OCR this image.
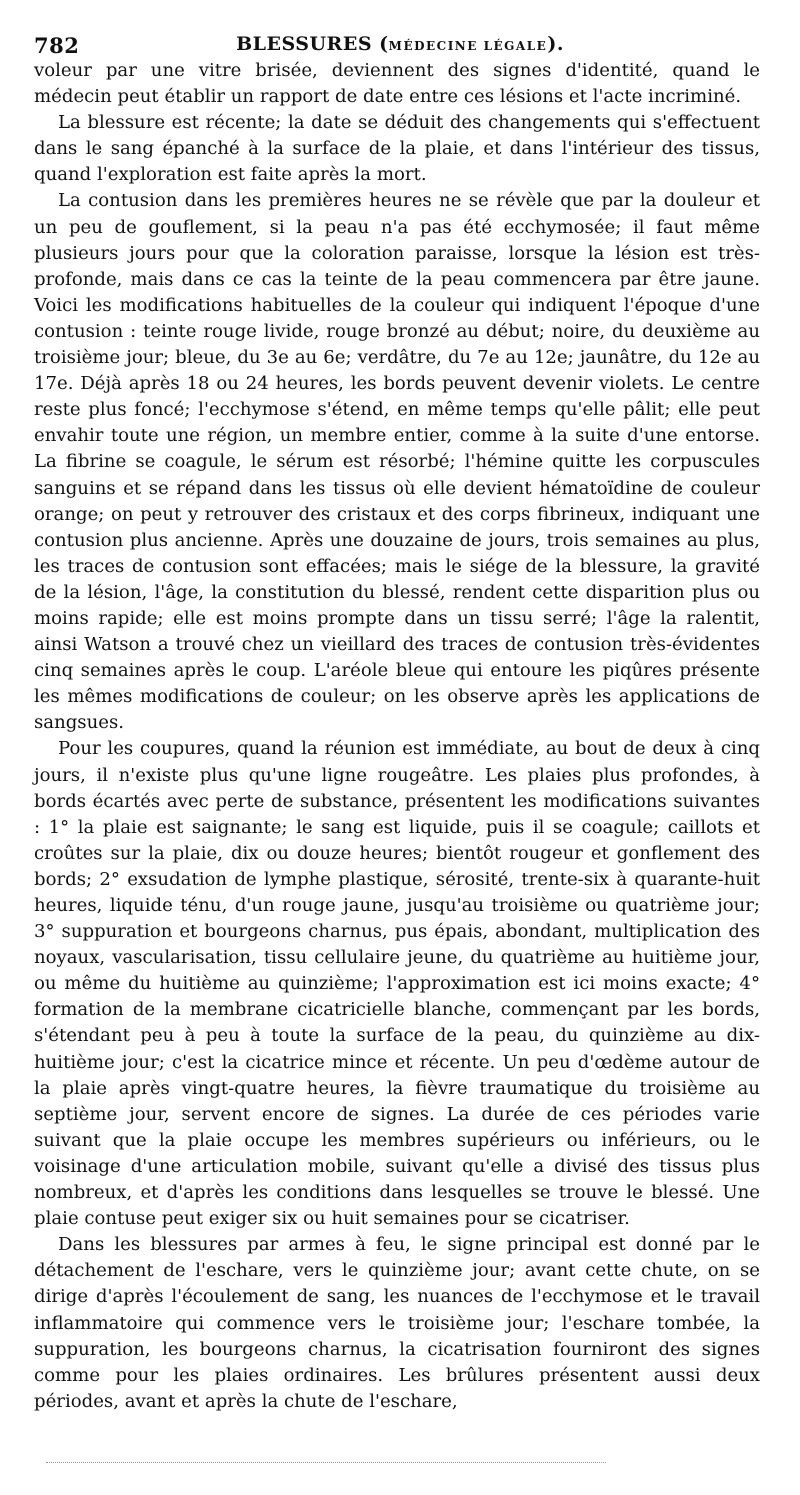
782	BLESSURES (MÉDECINE LÉGALE).

voleur par une vitre brisée, deviennent des signes d'identité, quand le médecin peut établir un rapport de date entre ces lésions et l'acte incriminé.

La blessure est récente; la date se déduit des changements qui s'effectuent dans le sang épanché à la surface de la plaie, et dans l'intérieur des tissus, quand l'exploration est faite après la mort.

La contusion dans les premières heures ne se révèle que par la douleur et un peu de gouflement, si la peau n'a pas été ecchymosée; il faut même plusieurs jours pour que la coloration paraisse, lorsque la lésion est très-profonde, mais dans ce cas la teinte de la peau commencera par être jaune. Voici les modifications habituelles de la couleur qui indiquent l'époque d'une contusion : teinte rouge livide, rouge bronzé au début; noire, du deuxième au troisième jour; bleue, du 3e au 6e; verdâtre, du 7e au 12e; jaunâtre, du 12e au 17e. Déjà après 18 ou 24 heures, les bords peuvent devenir violets. Le centre reste plus foncé; l'ecchymose s'étend, en même temps qu'elle pâlit; elle peut envahir toute une région, un membre entier, comme à la suite d'une entorse. La fibrine se coagule, le sérum est résorbé; l'hémine quitte les corpuscules sanguins et se répand dans les tissus où elle devient hématoïdine de couleur orange; on peut y retrouver des cristaux et des corps fibrineux, indiquant une contusion plus ancienne. Après une douzaine de jours, trois semaines au plus, les traces de contusion sont effacées; mais le siége de la blessure, la gravité de la lésion, l'âge, la constitution du blessé, rendent cette disparition plus ou moins rapide; elle est moins prompte dans un tissu serré; l'âge la ralentit, ainsi Watson a trouvé chez un vieillard des traces de contusion très-évidentes cinq semaines après le coup. L'aréole bleue qui entoure les piqûres présente les mêmes modifications de couleur; on les observe après les applications de sangsues.

Pour les coupures, quand la réunion est immédiate, au bout de deux à cinq jours, il n'existe plus qu'une ligne rougeâtre. Les plaies plus profondes, à bords écartés avec perte de substance, présentent les modifications suivantes : 1° la plaie est saignante; le sang est liquide, puis il se coagule; caillots et croûtes sur la plaie, dix ou douze heures; bientôt rougeur et gonflement des bords; 2° exsudation de lymphe plastique, sérosité, trente-six à quarante-huit heures, liquide ténu, d'un rouge jaune, jusqu'au troisième ou quatrième jour; 3° suppuration et bourgeons charnus, pus épais, abondant, multiplication des noyaux, vascularisation, tissu cellulaire jeune, du quatrième au huitième jour, ou même du huitième au quinzième; l'approximation est ici moins exacte; 4° formation de la membrane cicatricielle blanche, commençant par les bords, s'étendant peu à peu à toute la surface de la peau, du quinzième au dix-huitième jour; c'est la cicatrice mince et récente. Un peu d'œdème autour de la plaie après vingt-quatre heures, la fièvre traumatique du troisième au septième jour, servent encore de signes. La durée de ces périodes varie suivant que la plaie occupe les membres supérieurs ou inférieurs, ou le voisinage d'une articulation mobile, suivant qu'elle a divisé des tissus plus nombreux, et d'après les conditions dans lesquelles se trouve le blessé. Une plaie contuse peut exiger six ou huit semaines pour se cicatriser.

Dans les blessures par armes à feu, le signe principal est donné par le détachement de l'eschare, vers le quinzième jour; avant cette chute, on se dirige d'après l'écoulement de sang, les nuances de l'ecchymose et le travail inflammatoire qui commence vers le troisième jour; l'eschare tombée, la suppuration, les bourgeons charnus, la cicatrisation fourniront des signes comme pour les plaies ordinaires. Les brûlures présentent aussi deux périodes, avant et après la chute de l'eschare,
